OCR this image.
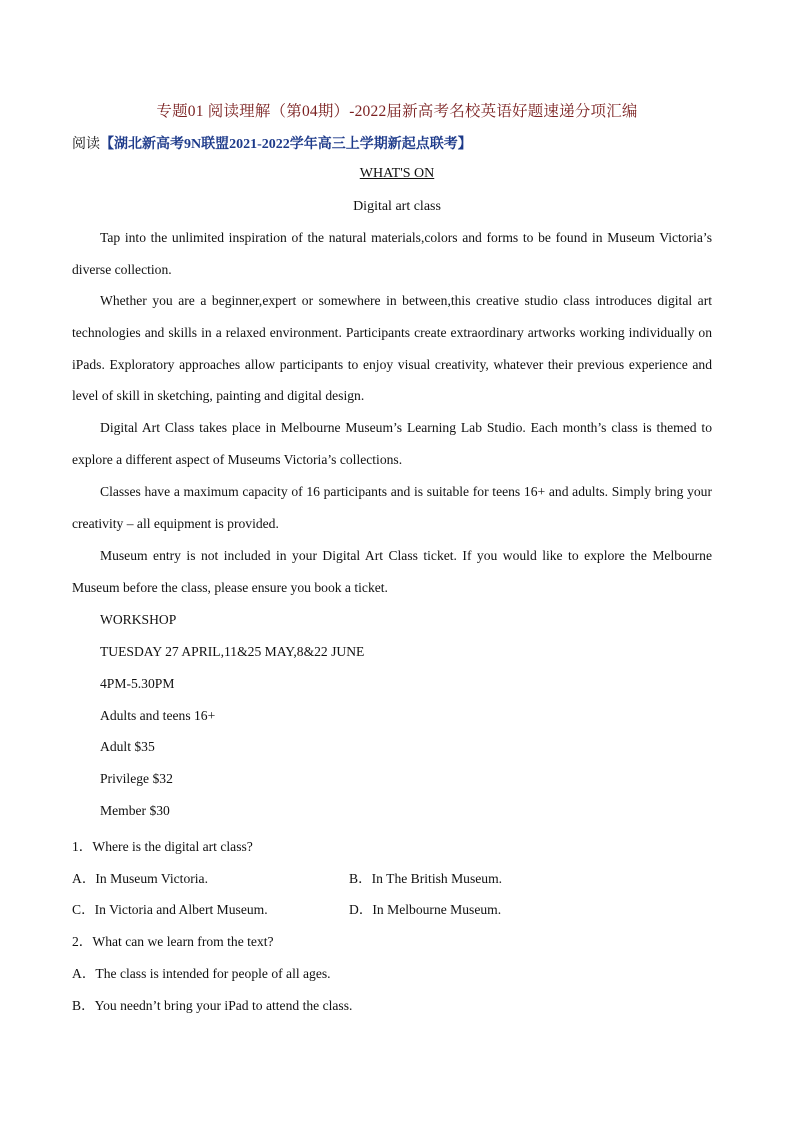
专题01 阅读理解（第04期）-2022届新高考名校英语好题速递分项汇编
阅读【湖北新高考9N联盟2021-2022学年高三上学期新起点联考】
WHAT'S ON
Digital art class

Tap into the unlimited inspiration of the natural materials,colors and forms to be found in Museum Victoria’s diverse collection.

Whether you are a beginner,expert or somewhere in between,this creative studio class introduces digital art technologies and skills in a relaxed environment. Participants create extraordinary artworks working individually on iPads. Exploratory approaches allow participants to enjoy visual creativity, whatever their previous experience and level of skill in sketching, painting and digital design.

Digital Art Class takes place in Melbourne Museum’s Learning Lab Studio. Each month’s class is themed to explore a different aspect of Museums Victoria’s collections.

Classes have a maximum capacity of 16 participants and is suitable for teens 16+ and adults. Simply bring your creativity – all equipment is provided.

Museum entry is not included in your Digital Art Class ticket. If you would like to explore the Melbourne Museum before the class, please ensure you book a ticket.

WORKSHOP
TUESDAY 27 APRIL,11&25 MAY,8&22 JUNE
4PM-5.30PM
Adults and teens 16+
Adult $35
Privilege $32
Member $30
1．Where is the digital art class?
A．In Museum Victoria.	B．In The British Museum.
C．In Victoria and Albert Museum.	D．In Melbourne Museum.
2．What can we learn from the text?
A．The class is intended for people of all ages.
B．You needn’t bring your iPad to attend the class.
